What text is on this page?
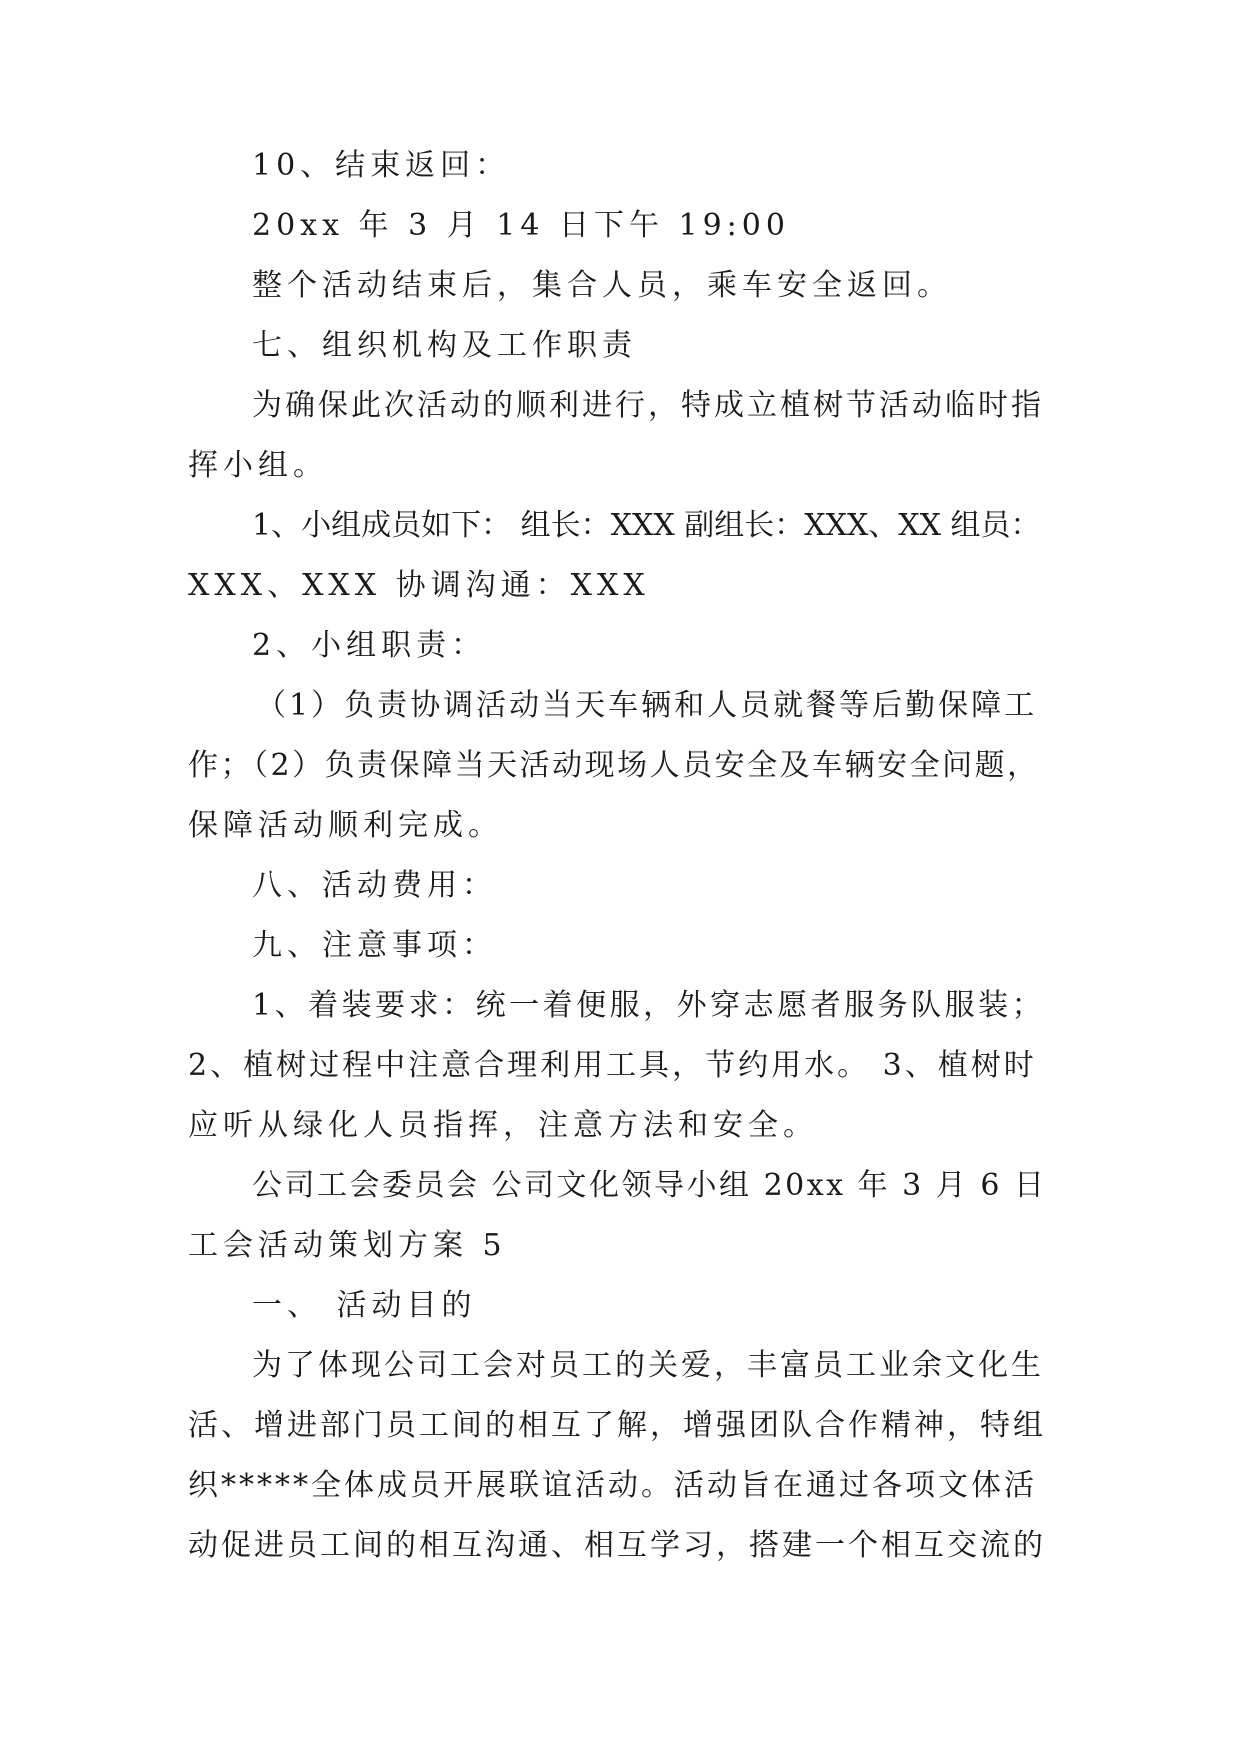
10、结束返回：
20xx 年 3 月 14 日下午 19:00
整个活动结束后，集合人员，乘车安全返回。
七、组织机构及工作职责
为确保此次活动的顺利进行，特成立植树节活动临时指
挥小组。
1、小组成员如下： 组长：XXX 副组长：XXX、XX 组员：
XXX、XXX 协调沟通：XXX
2、小组职责：
（1）负责协调活动当天车辆和人员就餐等后勤保障工
作；（2）负责保障当天活动现场人员安全及车辆安全问题，
保障活动顺利完成。
八、活动费用：
九、注意事项：
1、着装要求：统一着便服，外穿志愿者服务队服装；
2、植树过程中注意合理利用工具，节约用水。 3、植树时
应听从绿化人员指挥，注意方法和安全。
公司工会委员会 公司文化领导小组 20xx 年 3 月 6 日
工会活动策划方案 5
一、 活动目的
为了体现公司工会对员工的关爱，丰富员工业余文化生
活、增进部门员工间的相互了解，增强团队合作精神，特组
织*****全体成员开展联谊活动。活动旨在通过各项文体活
动促进员工间的相互沟通、相互学习，搭建一个相互交流的
